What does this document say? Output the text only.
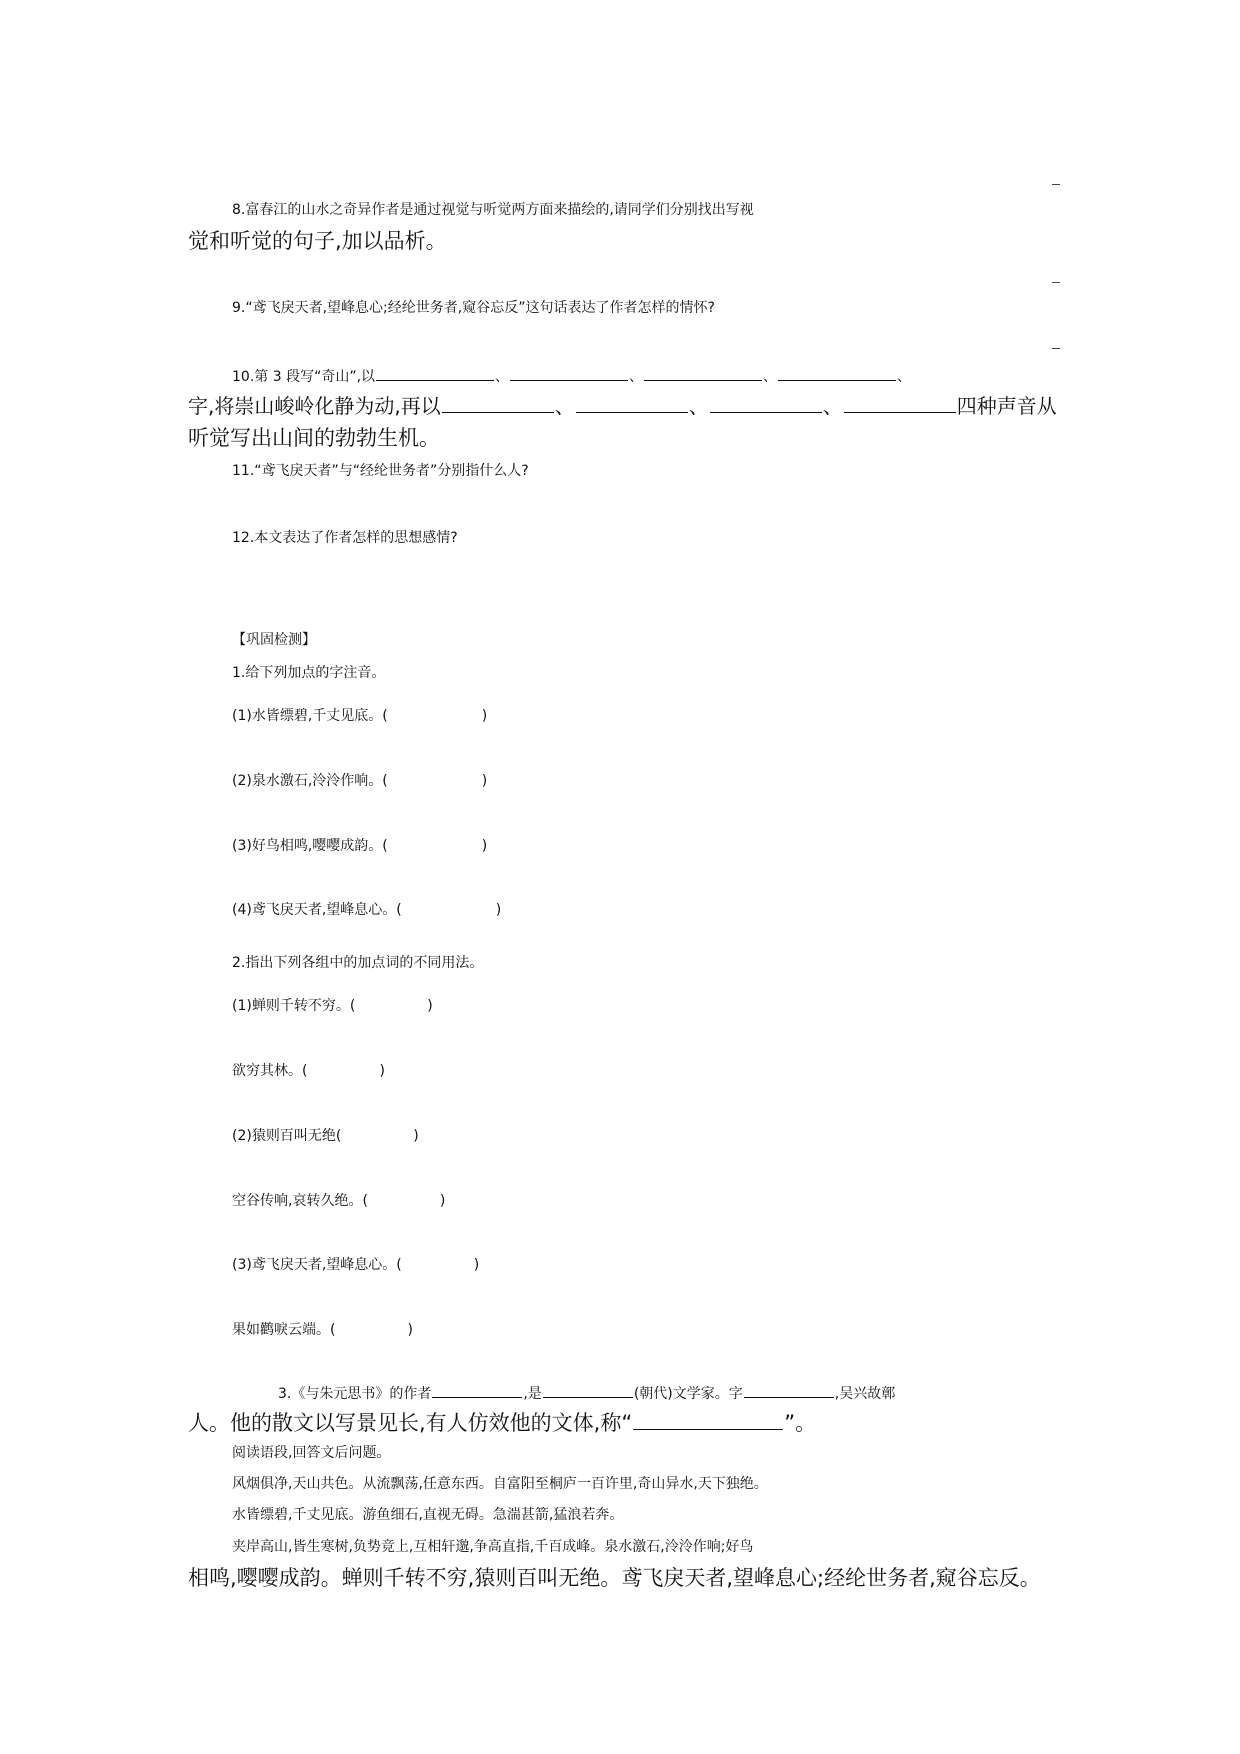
8.富春江的山水之奇异作者是通过视觉与听觉两方面来描绘的,请同学们分别找出写视
觉和听觉的句子,加以品析。
9.“鸢飞戾天者,望峰息心;经纶世务者,窥谷忘反”这句话表达了作者怎样的情怀?
10.第 3 段写“奇山”,以	、	、	、	、
字,将崇山峻岭化静为动,再以	、	、	、	四种声音从
听觉写出山间的勃勃生机。
11.“鸢飞戾天者”与“经纶世务者”分别指什么人?
12.本文表达了作者怎样的思想感情?
【巩固检测】
1.给下列加点的字注音。
(1)水皆缥碧,千丈见底。(	)
(2)泉水激石,泠泠作响。(	)
(3)好鸟相鸣,嘤嘤成韵。(	)
(4)鸢飞戾天者,望峰息心。(	)
2.指出下列各组中的加点词的不同用法。
(1)蝉则千转不穷。(	)
欲穷其林。(	)
(2)猿则百叫无绝(	)
空谷传响,哀转久绝。(	)
(3)鸢飞戾天者,望峰息心。(	)
果如鹳唳云端。(	)
3.《与朱元思书》的作者	,是	(朝代)文学家。字	,吴兴故鄣
人。他的散文以写景见长,有人仿效他的文体,称“	”。
阅读语段,回答文后问题。
风烟俱净,天山共色。从流飘荡,任意东西。自富阳至桐庐一百许里,奇山异水,天下独绝。
水皆缥碧,千丈见底。游鱼细石,直视无碍。急湍甚箭,猛浪若奔。
夹岸高山,皆生寒树,负势竞上,互相轩邈,争高直指,千百成峰。泉水激石,泠泠作响;好鸟
相鸣,嘤嘤成韵。蝉则千转不穷,猿则百叫无绝。鸢飞戾天者,望峰息心;经纶世务者,窥谷忘反。
